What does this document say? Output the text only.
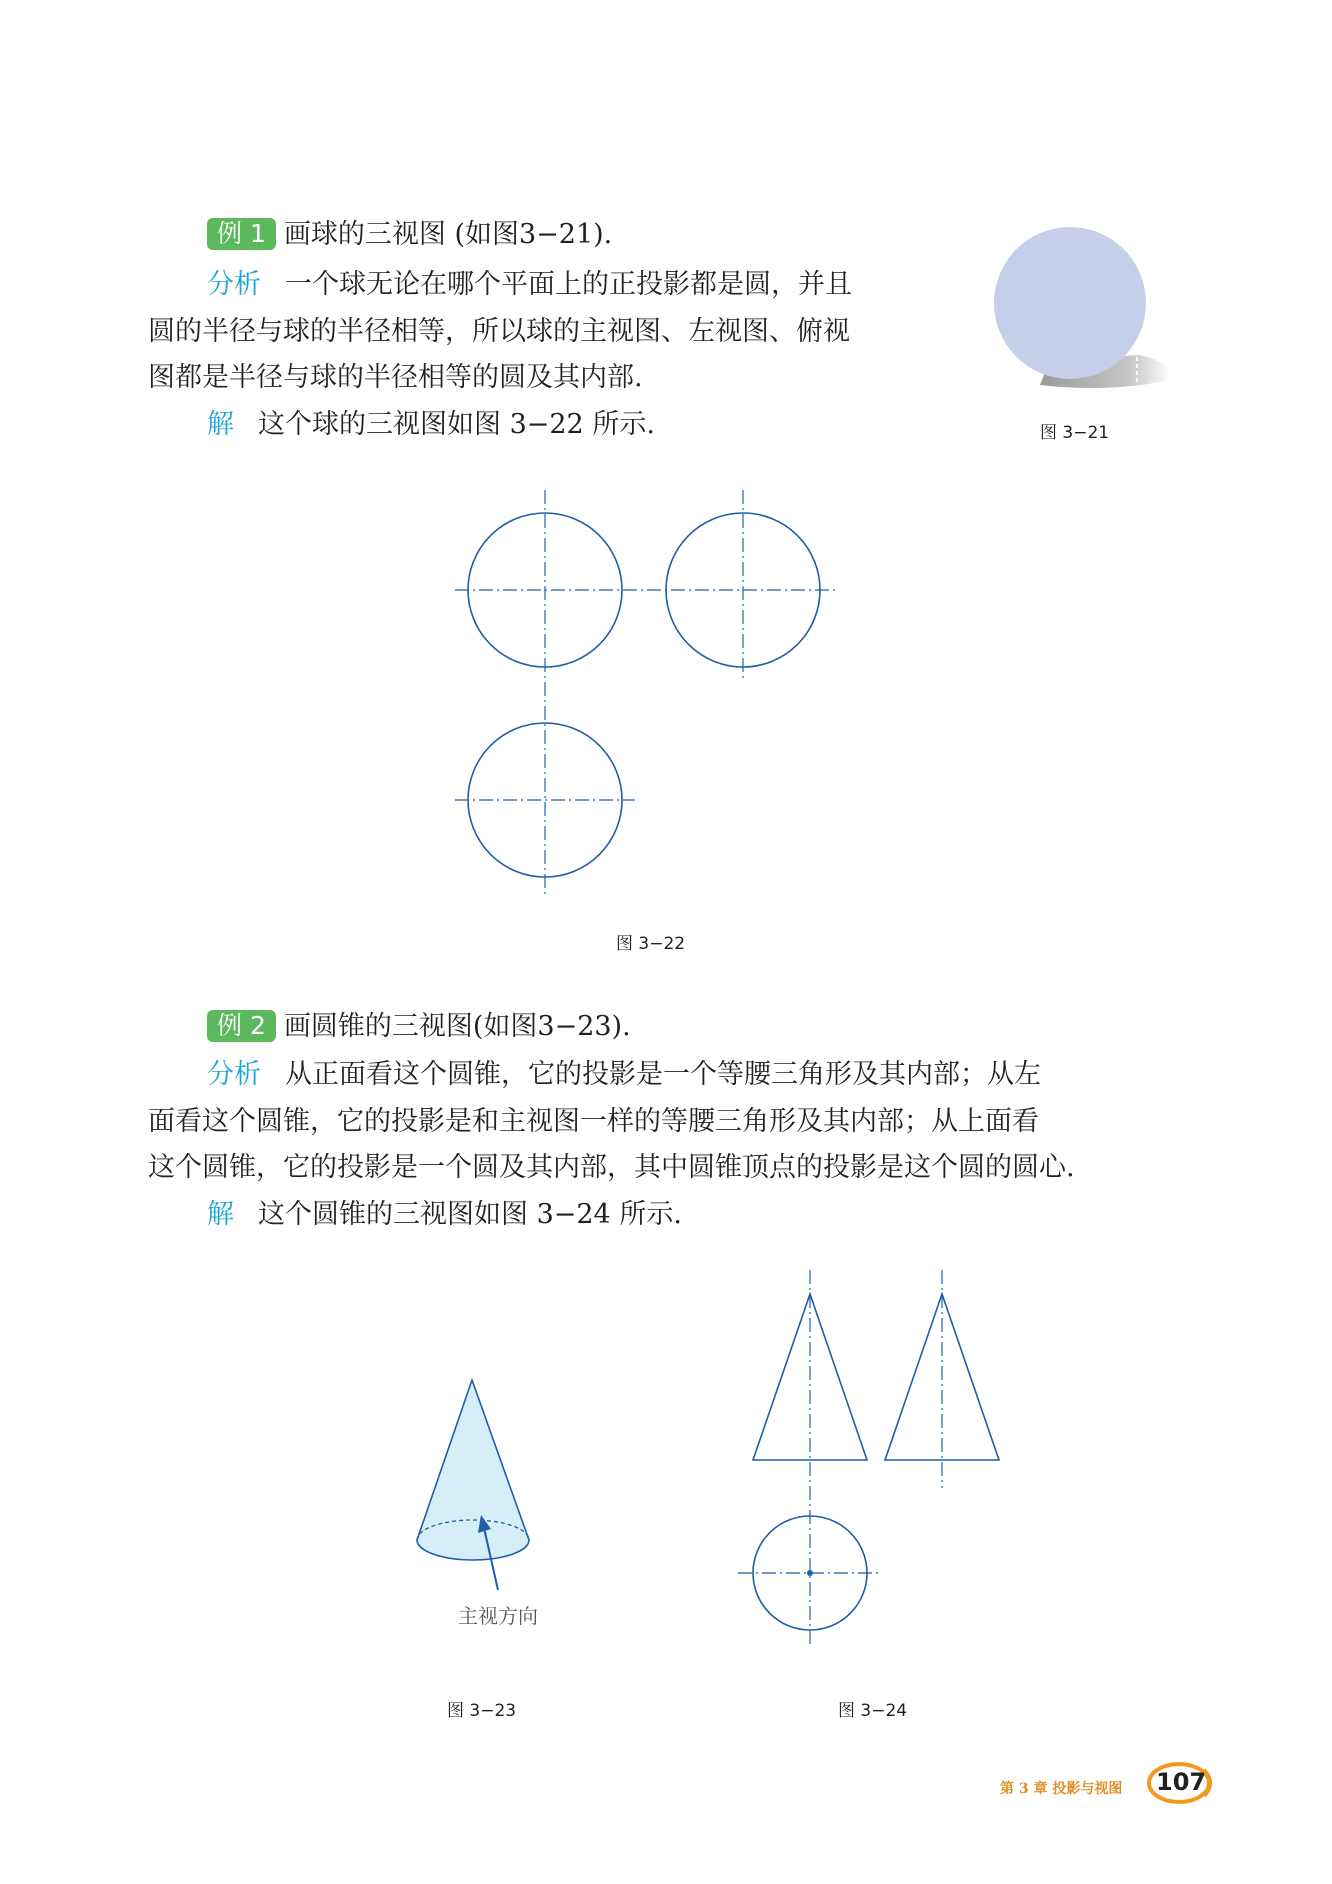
例 1 画球的三视图 (如图3−21).
分析 一个球无论在哪个平面上的正投影都是圆，并且
圆的半径与球的半径相等，所以球的主视图、左视图、俯视
图都是半径与球的半径相等的圆及其内部.
解 这个球的三视图如图 3−22 所示.	图 3−21
图 3−22
例 2 画圆锥的三视图(如图3−23).
分析 从正面看这个圆锥，它的投影是一个等腰三角形及其内部；从左
面看这个圆锥，它的投影是和主视图一样的等腰三角形及其内部；从上面看
这个圆锥，它的投影是一个圆及其内部，其中圆锥顶点的投影是这个圆的圆心.
解 这个圆锥的三视图如图 3−24 所示.
主视方向
图 3−23	图 3−24
第 3 章 投影与视图 107
